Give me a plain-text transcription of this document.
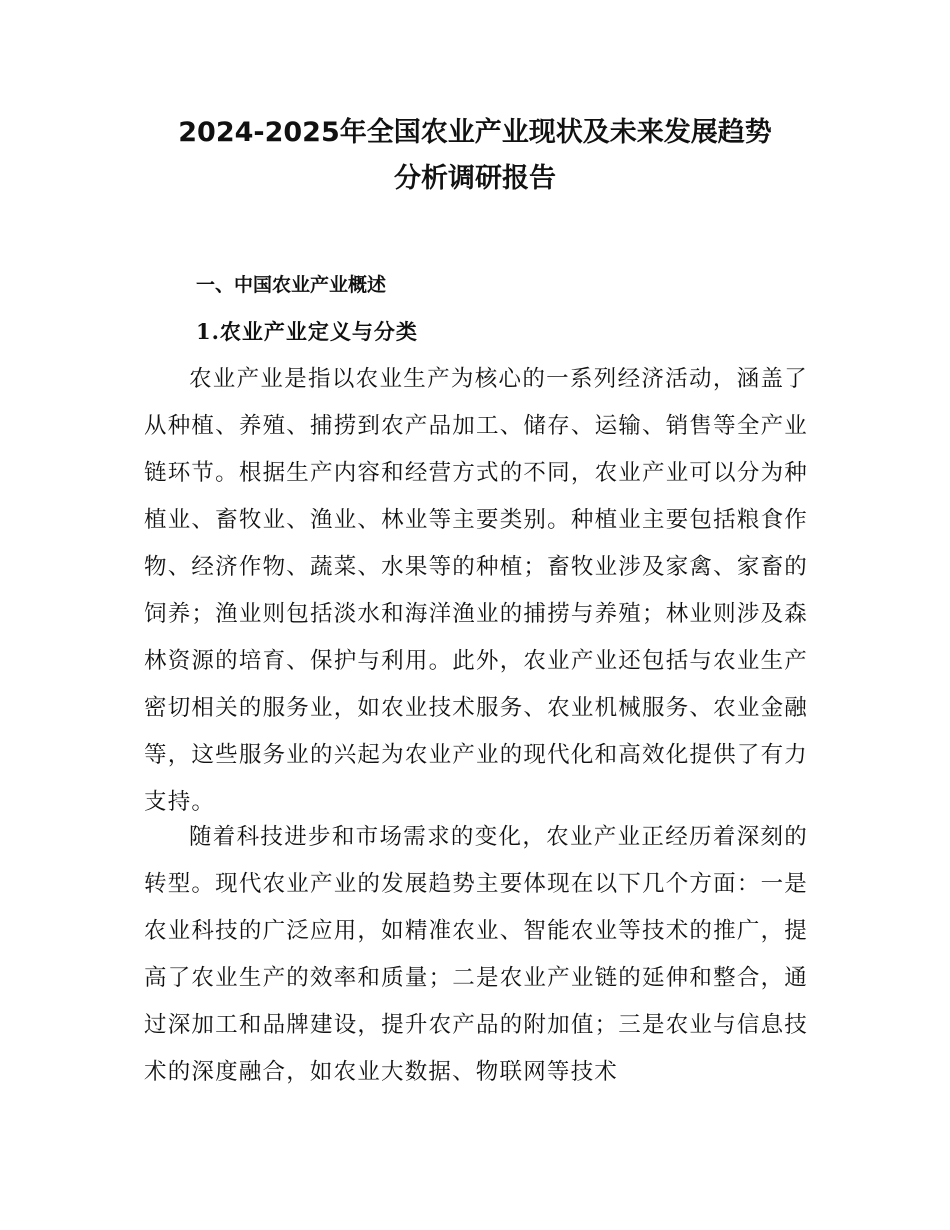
2024-2025年全国农业产业现状及未来发展趋势
分析调研报告
一、中国农业产业概述
1.农业产业定义与分类

农业产业是指以农业生产为核心的一系列经济活动，涵盖了从种植、养殖、捕捞到农产品加工、储存、运输、销售等全产业链环节。根据生产内容和经营方式的不同，农业产业可以分为种植业、畜牧业、渔业、林业等主要类别。种植业主要包括粮食作物、经济作物、蔬菜、水果等的种植；畜牧业涉及家禽、家畜的饲养；渔业则包括淡水和海洋渔业的捕捞与养殖；林业则涉及森林资源的培育、保护与利用。此外，农业产业还包括与农业生产密切相关的服务业，如农业技术服务、农业机械服务、农业金融等，这些服务业的兴起为农业产业的现代化和高效化提供了有力支持。

随着科技进步和市场需求的变化，农业产业正经历着深刻的转型。现代农业产业的发展趋势主要体现在以下几个方面：一是农业科技的广泛应用，如精准农业、智能农业等技术的推广，提高了农业生产的效率和质量；二是农业产业链的延伸和整合，通过深加工和品牌建设，提升农产品的附加值；三是农业与信息技术的深度融合，如农业大数据、物联网等技术
